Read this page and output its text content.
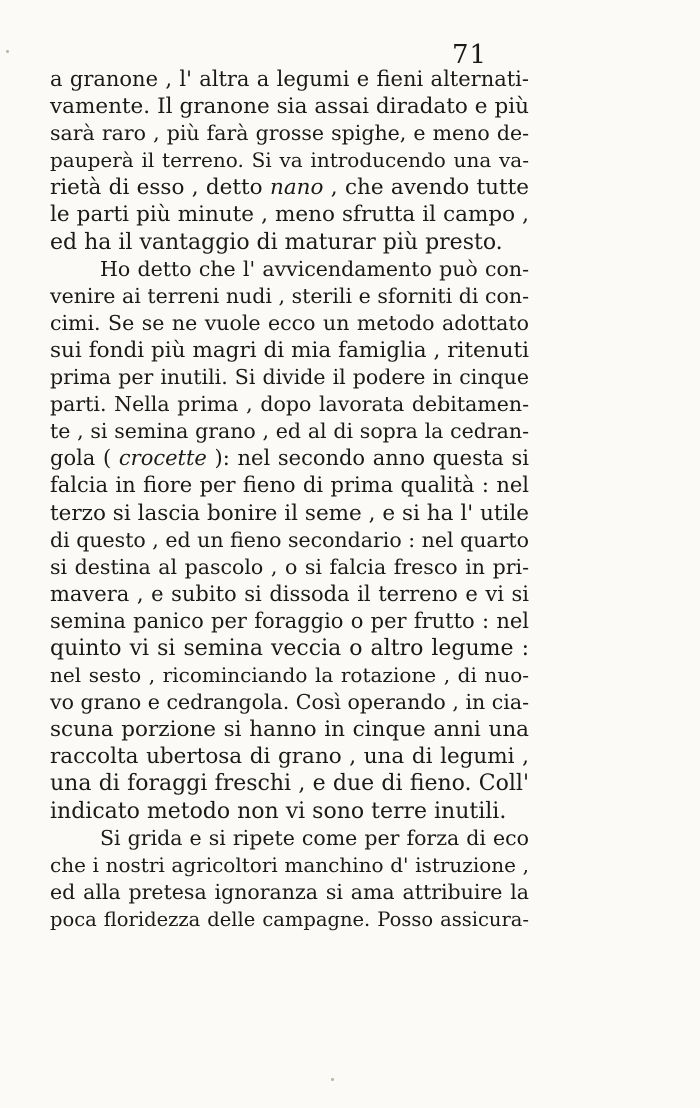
71
a granone , l' altra a legumi e fieni alternati-
vamente. Il granone sia assai diradato e più
sarà raro , più farà grosse spighe, e meno de-
pauperà il terreno. Si va introducendo una va-
rietà di esso , detto nano , che avendo tutte
le parti più minute , meno sfrutta il campo ,
ed ha il vantaggio di maturar più presto.
Ho detto che l' avvicendamento può con-
venire ai terreni nudi , sterili e sforniti di con-
cimi. Se se ne vuole ecco un metodo adottato
sui fondi più magri di mia famiglia , ritenuti
prima per inutili. Si divide il podere in cinque
parti. Nella prima , dopo lavorata debitamen-
te , si semina grano , ed al di sopra la cedran-
gola ( crocette ): nel secondo anno questa si
falcia in fiore per fieno di prima qualità : nel
terzo si lascia bonire il seme , e si ha l' utile
di questo , ed un fieno secondario : nel quarto
si destina al pascolo , o si falcia fresco in pri-
mavera , e subito si dissoda il terreno e vi si
semina panico per foraggio o per frutto : nel
quinto vi si semina veccia o altro legume :
nel sesto , ricominciando la rotazione , di nuo-
vo grano e cedrangola. Così operando , in cia-
scuna porzione si hanno in cinque anni una
raccolta ubertosa di grano , una di legumi ,
una di foraggi freschi , e due di fieno. Coll'
indicato metodo non vi sono terre inutili.
Si grida e si ripete come per forza di eco
che i nostri agricoltori manchino d' istruzione ,
ed alla pretesa ignoranza si ama attribuire la
poca floridezza delle campagne. Posso assicura-
